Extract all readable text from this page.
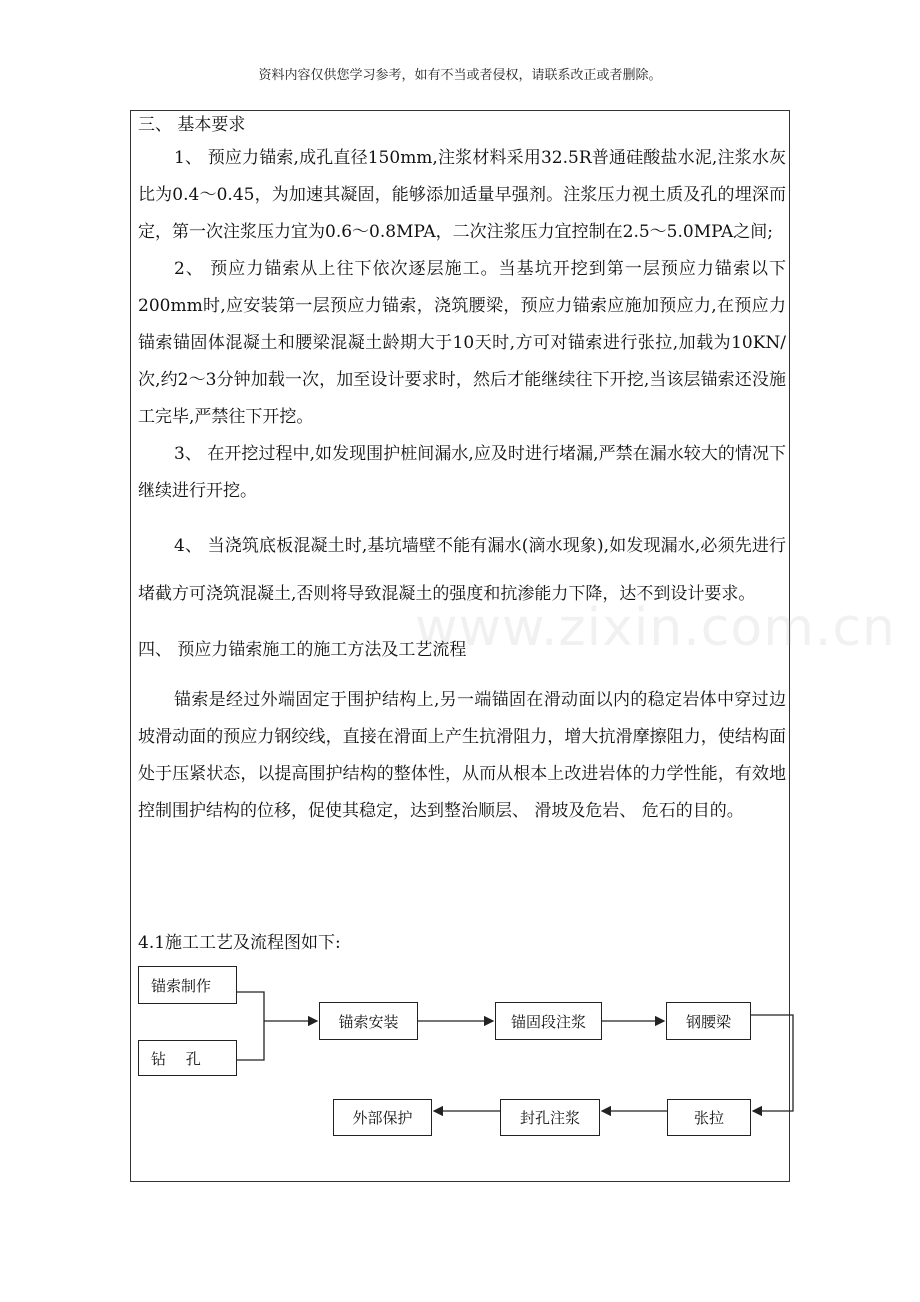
资料内容仅供您学习参考，如有不当或者侵权，请联系改正或者删除。
www.zixin.com.cn

三、 基本要求

1、 预应力锚索,成孔直径150mm,注浆材料采用32.5R普通硅酸盐水泥,注浆水灰比为0.4～0.45，为加速其凝固，能够添加适量早强剂。注浆压力视土质及孔的埋深而定，第一次注浆压力宜为0.6～0.8MPA，二次注浆压力宜控制在2.5～5.0MPA之间;

2、 预应力锚索从上往下依次逐层施工。当基坑开挖到第一层预应力锚索以下200mm时,应安装第一层预应力锚索，浇筑腰梁，预应力锚索应施加预应力,在预应力锚索锚固体混凝土和腰梁混凝土龄期大于10天时,方可对锚索进行张拉,加载为10KN/次,约2～3分钟加载一次，加至设计要求时，然后才能继续往下开挖,当该层锚索还没施工完毕,严禁往下开挖。

3、 在开挖过程中,如发现围护桩间漏水,应及时进行堵漏,严禁在漏水较大的情况下继续进行开挖。

4、 当浇筑底板混凝土时,基坑墙壁不能有漏水(滴水现象),如发现漏水,必须先进行堵截方可浇筑混凝土,否则将导致混凝土的强度和抗渗能力下降，达不到设计要求。

四、 预应力锚索施工的施工方法及工艺流程

锚索是经过外端固定于围护结构上,另一端锚固在滑动面以内的稳定岩体中穿过边坡滑动面的预应力钢绞线，直接在滑面上产生抗滑阻力，增大抗滑摩擦阻力，使结构面处于压紧状态，以提高围护结构的整体性，从而从根本上改进岩体的力学性能，有效地控制围护结构的位移，促使其稳定，达到整治顺层、 滑坡及危岩、 危石的目的。

4.1施工工艺及流程图如下:
锚索制作
钻　 孔
锚索安装	锚固段注浆	钢腰梁
张拉
封孔注浆
外部保护
